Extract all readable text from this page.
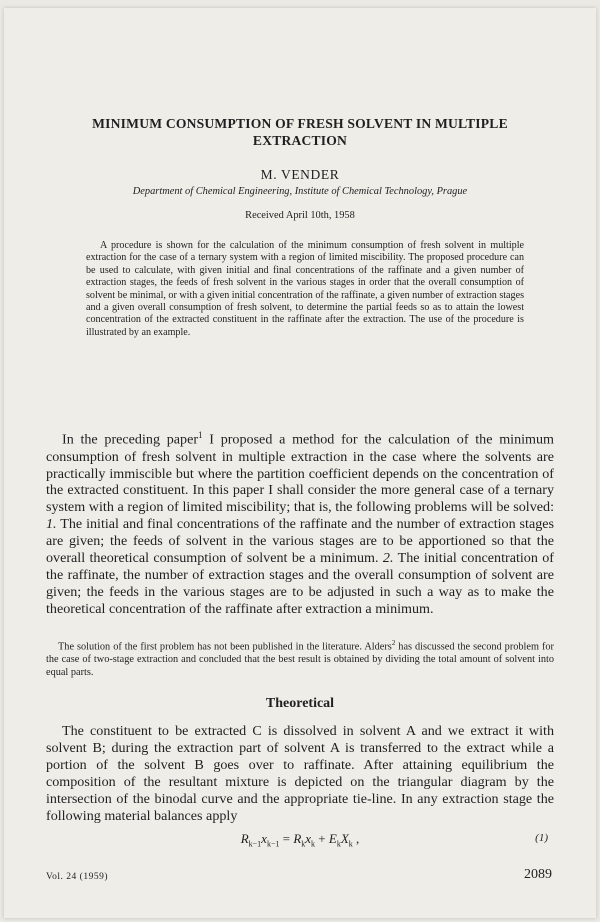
MINIMUM CONSUMPTION OF FRESH SOLVENT IN MULTIPLE EXTRACTION
M. VENDER
Department of Chemical Engineering, Institute of Chemical Technology, Prague
Received April 10th, 1958
A procedure is shown for the calculation of the minimum consumption of fresh solvent in multiple extraction for the case of a ternary system with a region of limited miscibility. The proposed procedure can be used to calculate, with given initial and final concentrations of the raffinate and a given number of extraction stages, the feeds of fresh solvent in the various stages in order that the overall consumption of solvent be minimal, or with a given initial concentration of the raffinate, a given number of extraction stages and a given overall consumption of fresh solvent, to determine the partial feeds so as to attain the lowest concentration of the extracted constituent in the raffinate after the extraction. The use of the procedure is illustrated by an example.
In the preceding paper$^1$ I proposed a method for the calculation of the minimum consumption of fresh solvent in multiple extraction in the case where the solvents are practically immiscible but where the partition coefficient depends on the concentration of the extracted constituent. In this paper I shall consider the more general case of a ternary system with a region of limited miscibility; that is, the following problems will be solved: 1. The initial and final concentrations of the raffinate and the number of extraction stages are given; the feeds of solvent in the various stages are to be apportioned so that the overall theoretical consumption of solvent be a minimum. 2. The initial concentration of the raffinate, the number of extraction stages and the overall consumption of solvent are given; the feeds in the various stages are to be adjusted in such a way as to make the theoretical concentration of the raffinate after extraction a minimum.
The solution of the first problem has not been published in the literature. Alders$^2$ has discussed the second problem for the case of two-stage extraction and concluded that the best result is obtained by dividing the total amount of solvent into equal parts.
Theoretical
The constituent to be extracted C is dissolved in solvent A and we extract it with solvent B; during the extraction part of solvent A is transferred to the extract while a portion of the solvent B goes over to raffinate. After attaining equilibrium the composition of the resultant mixture is depicted on the triangular diagram by the intersection of the binodal curve and the appropriate tie-line. In any extraction stage the following material balances apply
$R_{k-1}x_{k-1} = R_kx_k + E_kX_k$ ,	(1)
Vol. 24 (1959)	2089
